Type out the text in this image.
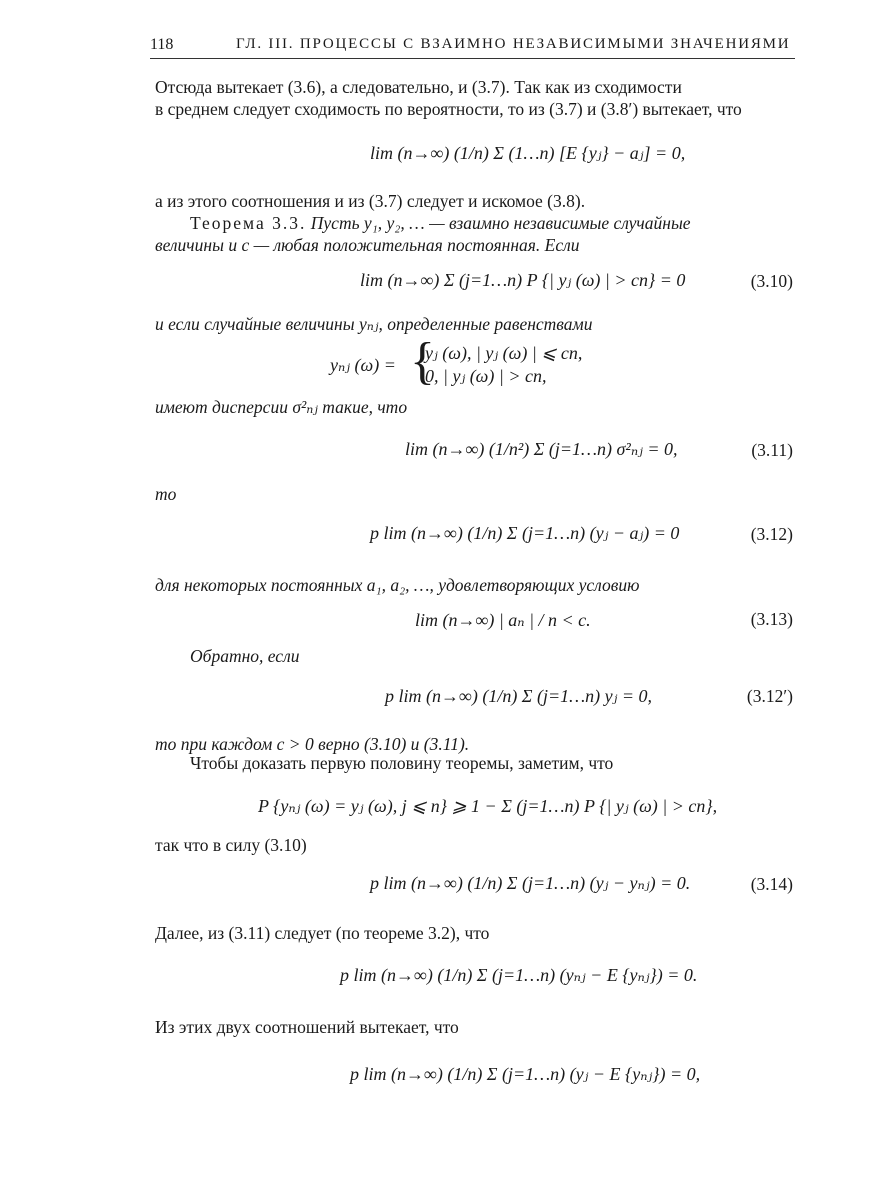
118	ГЛ. III. ПРОЦЕССЫ С ВЗАИМНО НЕЗАВИСИМЫМИ ЗНАЧЕНИЯМИ
Отсюда вытекает (3.6), а следовательно, и (3.7). Так как из сходимости
в среднем следует сходимость по вероятности, то из (3.7) и (3.8′) вытекает, что
lim (n→∞) (1/n) Σ (1…n) [E {yⱼ} − aⱼ] = 0,
а из этого соотношения и из (3.7) следует и искомое (3.8).
Теорема 3.3. Пусть y₁, y₂, … — взаимно независимые случайные
величины и c — любая положительная постоянная. Если
lim (n→∞) Σ (j=1…n) P {| yⱼ (ω) | > cn} = 0	(3.10)
и если случайные величины yₙⱼ, определенные равенствами
yₙⱼ (ω) = {
yⱼ (ω), | yⱼ (ω) | ⩽ cn,
0, | yⱼ (ω) | > cn,
имеют дисперсии σ²ₙⱼ такие, что
lim (n→∞) (1/n²) Σ (j=1…n) σ²ₙⱼ = 0,	(3.11)
то
p lim (n→∞) (1/n) Σ (j=1…n) (yⱼ − aⱼ) = 0	(3.12)
для некоторых постоянных a₁, a₂, …, удовлетворяющих условию
lim (n→∞) | aₙ | / n < c.	(3.13)
Обратно, если
p lim (n→∞) (1/n) Σ (j=1…n) yⱼ = 0,	(3.12′)
то при каждом c > 0 верно (3.10) и (3.11).
Чтобы доказать первую половину теоремы, заметим, что
P {yₙⱼ (ω) = yⱼ (ω), j ⩽ n} ⩾ 1 − Σ (j=1…n) P {| yⱼ (ω) | > cn},
так что в силу (3.10)
p lim (n→∞) (1/n) Σ (j=1…n) (yⱼ − yₙⱼ) = 0.	(3.14)
Далее, из (3.11) следует (по теореме 3.2), что
p lim (n→∞) (1/n) Σ (j=1…n) (yₙⱼ − E {yₙⱼ}) = 0.
Из этих двух соотношений вытекает, что
p lim (n→∞) (1/n) Σ (j=1…n) (yⱼ − E {yₙⱼ}) = 0,
